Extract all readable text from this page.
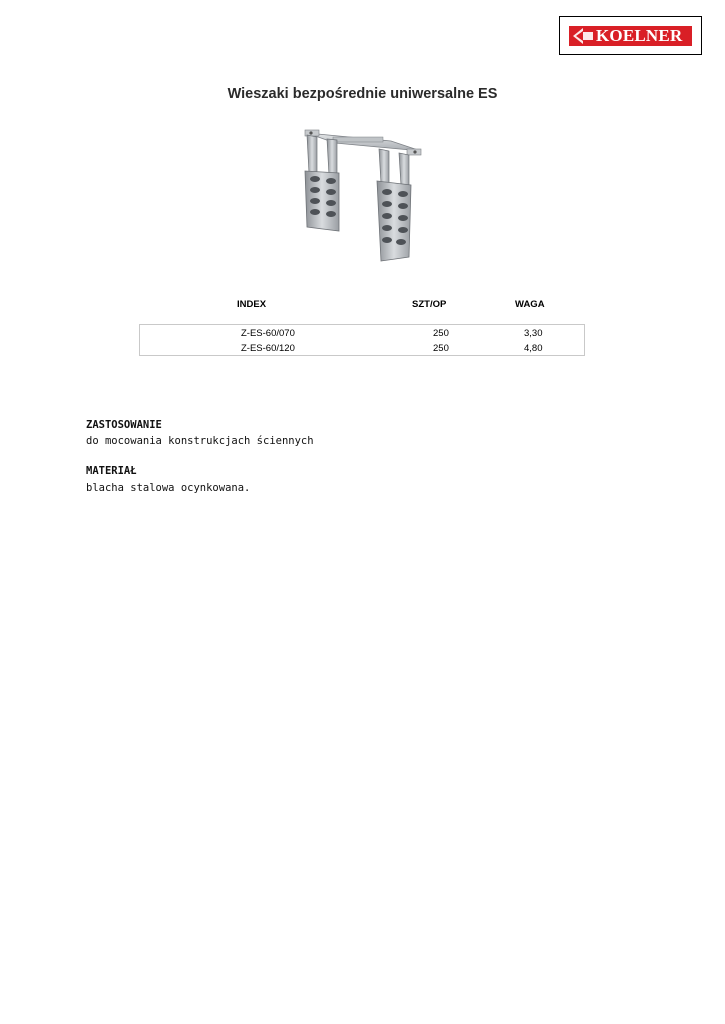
KOELNER
Wieszaki bezpośrednie uniwersalne ES
INDEX	SZT/OP	WAGA
Z-ES-60/070	250	3,30
Z-ES-60/120	250	4,80
ZASTOSOWANIE
do mocowania konstrukcjach ściennych
MATERIAŁ
blacha stalowa ocynkowana.
